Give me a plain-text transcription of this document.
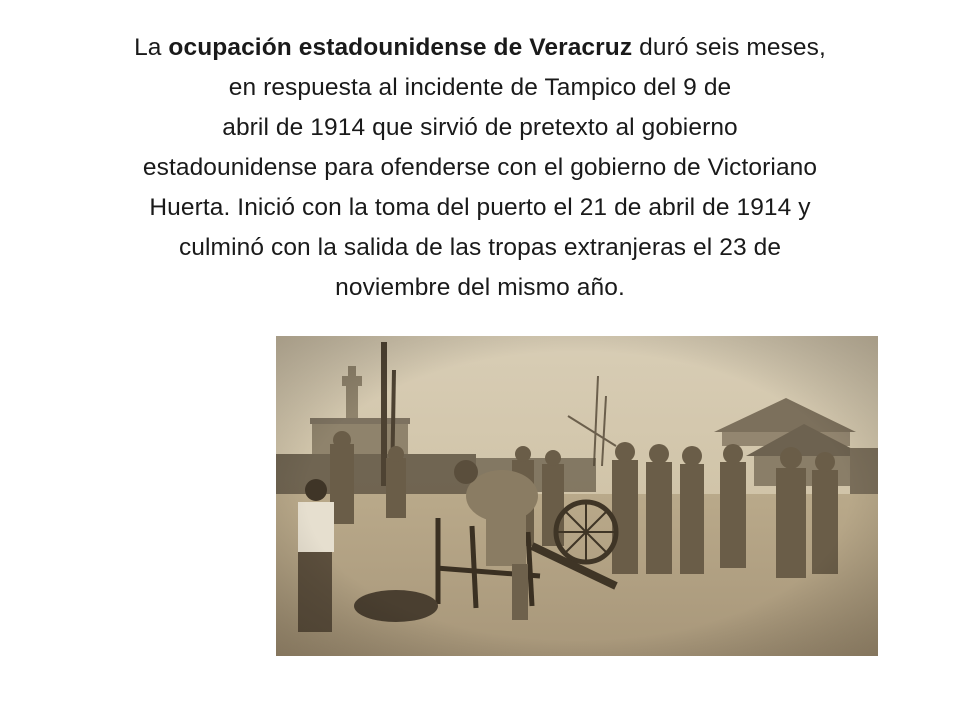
La ocupación estadounidense de Veracruz duró seis meses,
en respuesta al incidente de Tampico del 9 de
abril de 1914 que sirvió de pretexto al gobierno
estadounidense para ofenderse con el gobierno de Victoriano
Huerta. Inició con la toma del puerto el 21 de abril de 1914 y
culminó con la salida de las tropas extranjeras el 23 de
noviembre del mismo año.
